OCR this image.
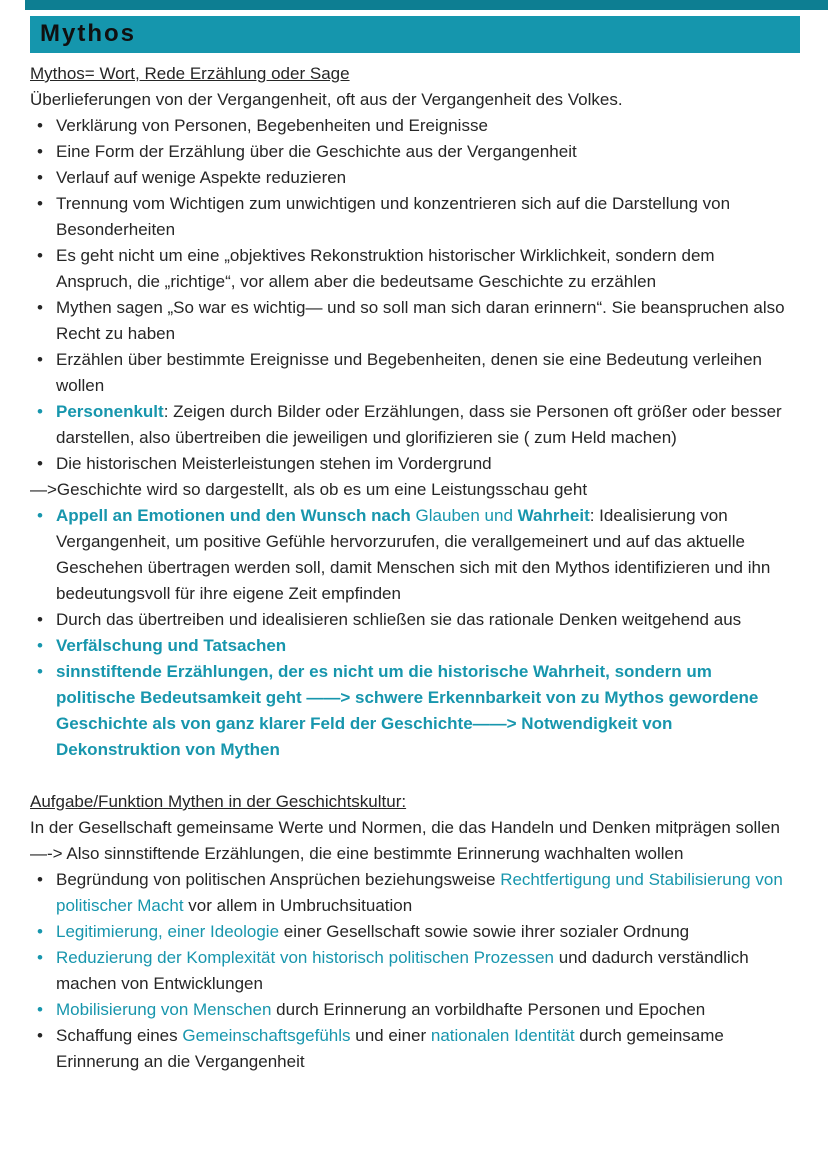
Mythos
Mythos= Wort, Rede Erzählung oder Sage
Überlieferungen von der Vergangenheit, oft aus der Vergangenheit des Volkes.
• Verklärung von Personen, Begebenheiten und Ereignisse
• Eine Form der Erzählung über die Geschichte aus der Vergangenheit
• Verlauf auf wenige Aspekte reduzieren
• Trennung vom Wichtigen zum unwichtigen und konzentrieren sich auf die Darstellung von Besonderheiten
• Es geht nicht um eine „objektives Rekonstruktion historischer Wirklichkeit, sondern dem Anspruch, die „richtige“, vor allem aber die bedeutsame Geschichte zu erzählen
• Mythen sagen „So war es wichtig— und so soll man sich daran erinnern“. Sie beanspruchen also Recht zu haben
• Erzählen über bestimmte Ereignisse und Begebenheiten, denen sie eine Bedeutung verleihen wollen
• Personenkult: Zeigen durch Bilder oder Erzählungen, dass sie Personen oft größer oder besser darstellen, also übertreiben die jeweiligen und glorifizieren sie ( zum Held machen)
• Die historischen Meisterleistungen stehen im Vordergrund
—>Geschichte wird so dargestellt, als ob es um eine Leistungsschau geht
• Appell an Emotionen und den Wunsch nach Glauben und Wahrheit: Idealisierung von Vergangenheit, um positive Gefühle hervorzurufen, die verallgemeinert und auf das aktuelle Geschehen übertragen werden soll, damit Menschen sich mit den Mythos identifizieren und ihn bedeutungsvoll für ihre eigene Zeit empfinden
• Durch das übertreiben und idealisieren schließen sie das rationale Denken weitgehend aus
• Verfälschung und Tatsachen
• sinnstiftende Erzählungen, der es nicht um die historische Wahrheit, sondern um politische Bedeutsamkeit geht ——> schwere Erkennbarkeit von zu Mythos gewordene Geschichte als von ganz klarer Feld der Geschichte——> Notwendigkeit von Dekonstruktion von Mythen
Aufgabe/Funktion Mythen in der Geschichtskultur:
In der Gesellschaft gemeinsame Werte und Normen, die das Handeln und Denken mitprägen sollen
—-> Also sinnstiftende Erzählungen, die eine bestimmte Erinnerung wachhalten wollen
• Begründung von politischen Ansprüchen beziehungsweise Rechtfertigung und Stabilisierung von politischer Macht vor allem in Umbruchsituation
• Legitimierung, einer Ideologie einer Gesellschaft sowie sowie ihrer sozialer Ordnung
• Reduzierung der Komplexität von historisch politischen Prozessen und dadurch verständlich machen von Entwicklungen
• Mobilisierung von Menschen durch Erinnerung an vorbildhafte Personen und Epochen
• Schaffung eines Gemeinschaftsgefühls und einer nationalen Identität durch gemeinsame Erinnerung an die Vergangenheit
